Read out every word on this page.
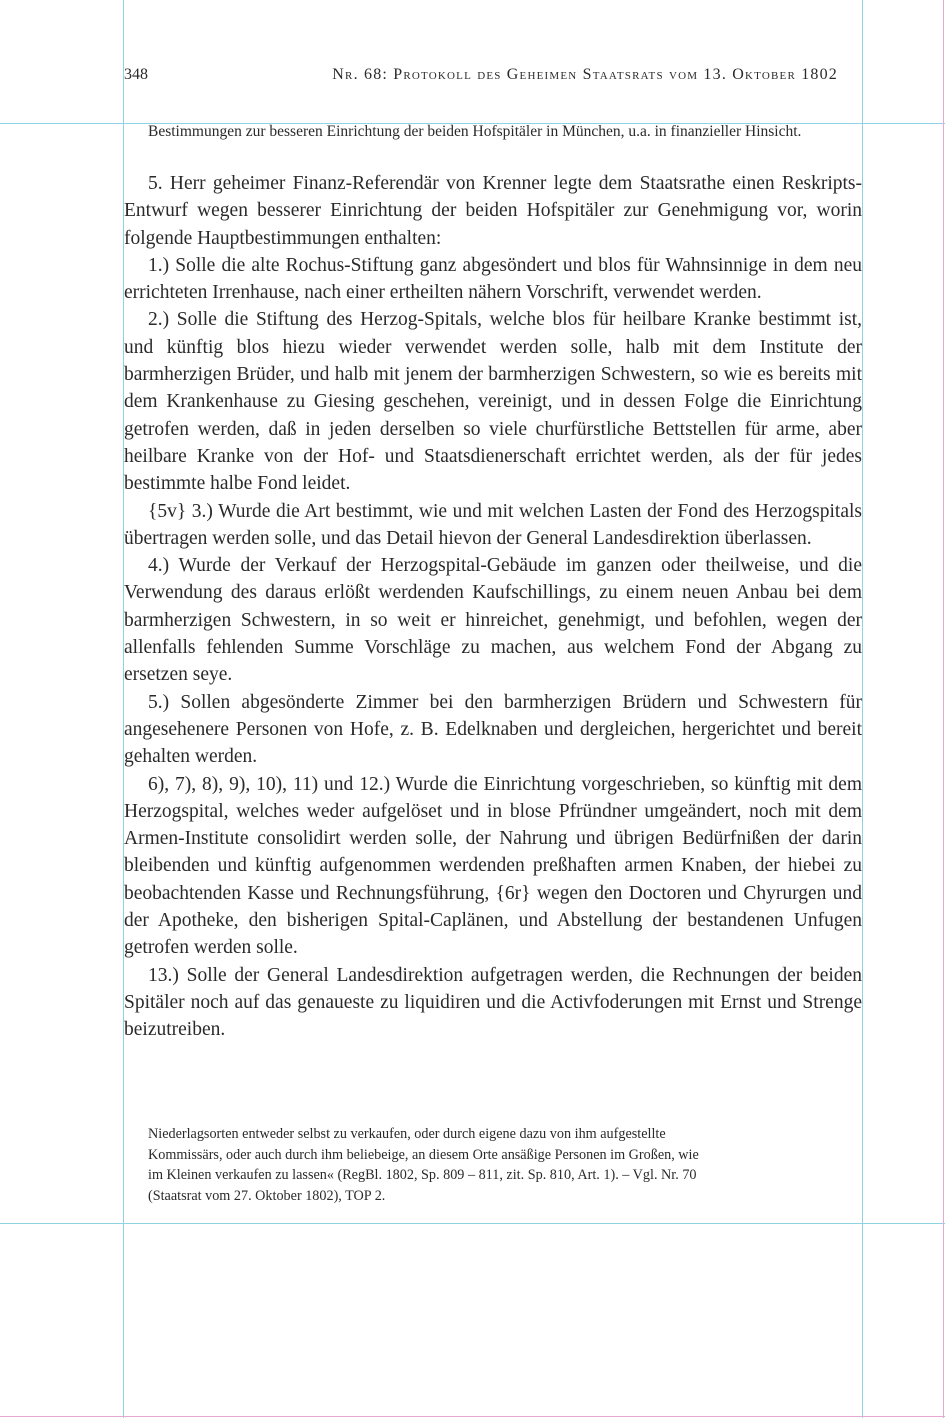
348	Nr. 68: Protokoll des Geheimen Staatsrats vom 13. Oktober 1802
Bestimmungen zur besseren Einrichtung der beiden Hofspitäler in München, u.a. in finanzieller Hinsicht.

5. Herr geheimer Finanz-Referendär von Krenner legte dem Staatsrathe einen Reskripts-Entwurf wegen besserer Einrichtung der beiden Hofspitäler zur Genehmigung vor, worin folgende Hauptbestimmungen enthalten:

1.) Solle die alte Rochus-Stiftung ganz abgesöndert und blos für Wahnsinnige in dem neu errichteten Irrenhause, nach einer ertheilten nähern Vorschrift, verwendet werden.

2.) Solle die Stiftung des Herzog-Spitals, welche blos für heilbare Kranke bestimmt ist, und künftig blos hiezu wieder verwendet werden solle, halb mit dem Institute der barmherzigen Brüder, und halb mit jenem der barmherzigen Schwestern, so wie es bereits mit dem Krankenhause zu Giesing geschehen, vereinigt, und in dessen Folge die Einrichtung getrofen werden, daß in jeden derselben so viele churfürstliche Bettstellen für arme, aber heilbare Kranke von der Hof- und Staatsdienerschaft errichtet werden, als der für jedes bestimmte halbe Fond leidet.

{5v} 3.) Wurde die Art bestimmt, wie und mit welchen Lasten der Fond des Herzogspitals übertragen werden solle, und das Detail hievon der General Landesdirektion überlassen.

4.) Wurde der Verkauf der Herzogspital-Gebäude im ganzen oder theilweise, und die Verwendung des daraus erlößt werdenden Kaufschillings, zu einem neuen Anbau bei dem barmherzigen Schwestern, in so weit er hinreichet, genehmigt, und befohlen, wegen der allenfalls fehlenden Summe Vorschläge zu machen, aus welchem Fond der Abgang zu ersetzen seye.

5.) Sollen abgesönderte Zimmer bei den barmherzigen Brüdern und Schwestern für angesehenere Personen von Hofe, z. B. Edelknaben und dergleichen, hergerichtet und bereit gehalten werden.

6), 7), 8), 9), 10), 11) und 12.) Wurde die Einrichtung vorgeschrieben, so künftig mit dem Herzogspital, welches weder aufgelöset und in blose Pfründner umgeändert, noch mit dem Armen-Institute consolidirt werden solle, der Nahrung und übrigen Bedürfnißen der darin bleibenden und künftig aufgenommen werdenden preßhaften armen Knaben, der hiebei zu beobachtenden Kasse und Rechnungsführung, {6r} wegen den Doctoren und Chyrurgen und der Apotheke, den bisherigen Spital-Caplänen, und Abstellung der bestandenen Unfugen getrofen werden solle.

13.) Solle der General Landesdirektion aufgetragen werden, die Rechnungen der beiden Spitäler noch auf das genaueste zu liquidiren und die Activfoderungen mit Ernst und Strenge beizutreiben.

Niederlagsorten entweder selbst zu verkaufen, oder durch eigene dazu von ihm aufgestellte Kommissärs, oder auch durch ihm beliebeige, an diesem Orte ansäßige Personen im Großen, wie im Kleinen verkaufen zu lassen« (RegBl. 1802, Sp. 809 – 811, zit. Sp. 810, Art. 1). – Vgl. Nr. 70 (Staatsrat vom 27. Oktober 1802), TOP 2.
